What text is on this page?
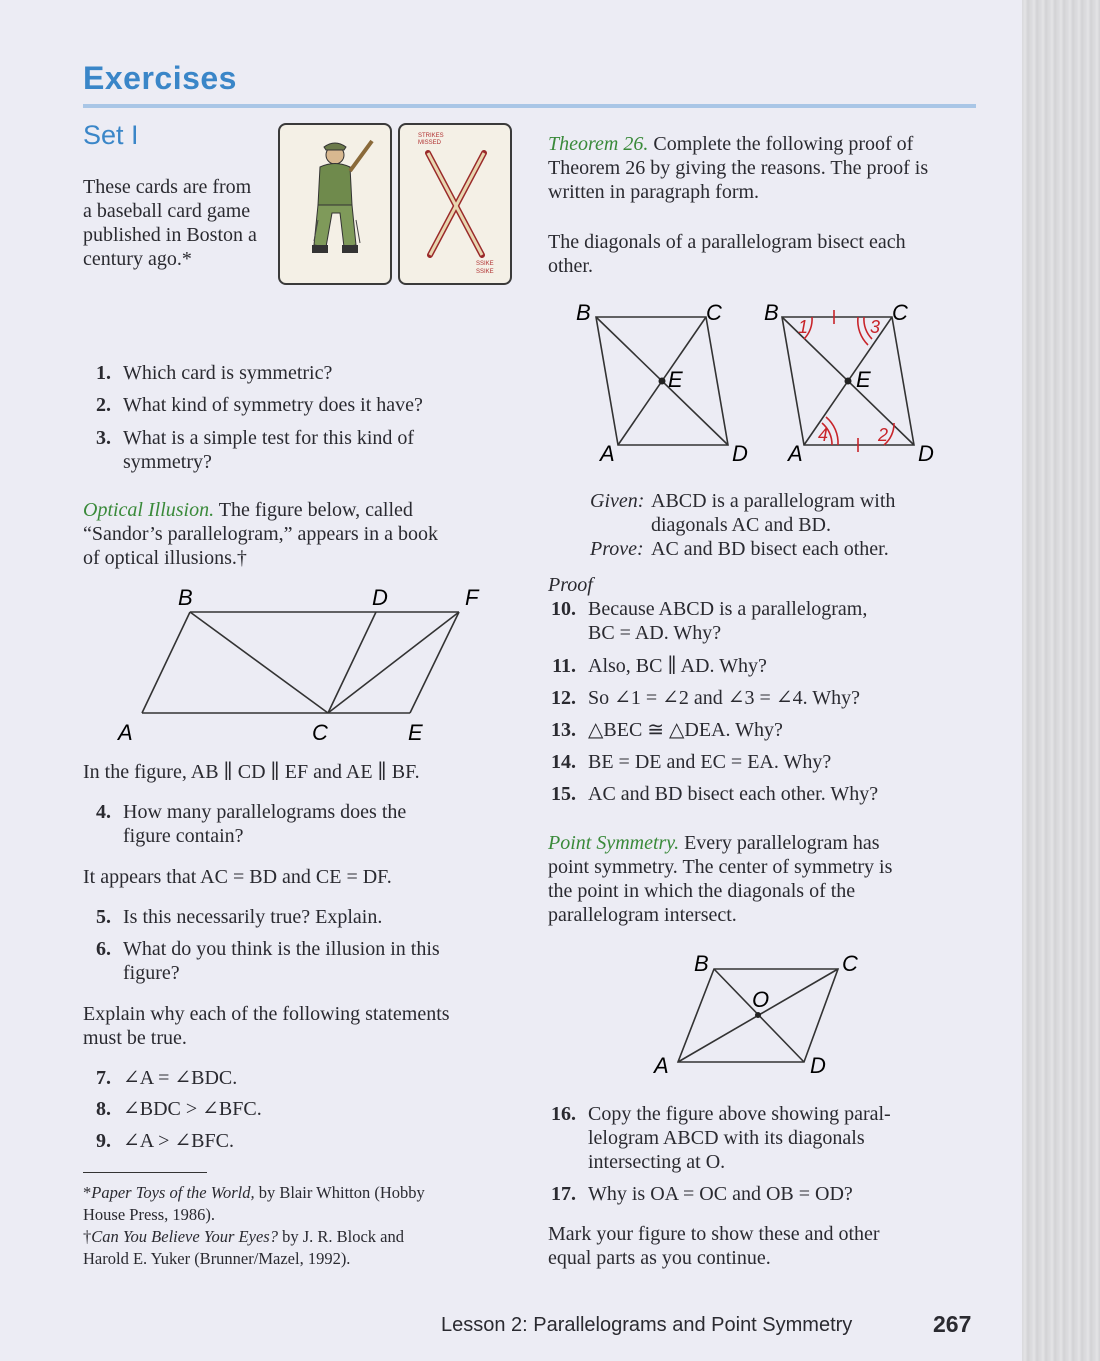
Exercises
Set I
These cards are from a baseball card game published in Boston a century ago.*
STRIKES
MISSED
SSIKE
SSIKE
1. Which card is symmetric?
2. What kind of symmetry does it have?
3. What is a simple test for this kind of
symmetry?
Optical Illusion. The figure below, called
“Sandor’s parallelogram,” appears in a book
of optical illusions.†
B	D	F
A	C	E
In the figure, AB ∥ CD ∥ EF and AE ∥ BF.
4. How many parallelograms does the
figure contain?
It appears that AC = BD and CE = DF.
5. Is this necessarily true? Explain.
6. What do you think is the illusion in this
figure?
Explain why each of the following statements
must be true.
7. ∠A = ∠BDC.
8. ∠BDC > ∠BFC.
9. ∠A > ∠BFC.
*Paper Toys of the World, by Blair Whitton (Hobby
House Press, 1986).
†Can You Believe Your Eyes? by J. R. Block and
Harold E. Yuker (Brunner/Mazel, 1992).
Theorem 26. Complete the following proof of
Theorem 26 by giving the reasons. The proof is
written in paragraph form.
The diagonals of a parallelogram bisect each
other.
B	C
E
A	D
1	3
2
4
B	C
E
A	D
Given: ABCD is a parallelogram with
diagonals AC and BD.
Prove: AC and BD bisect each other.
Proof
10. Because ABCD is a parallelogram,
BC = AD. Why?
11. Also, BC ∥ AD. Why?
12. So ∠1 = ∠2 and ∠3 = ∠4. Why?
13. △BEC ≅ △DEA. Why?
14. BE = DE and EC = EA. Why?
15. AC and BD bisect each other. Why?
Point Symmetry. Every parallelogram has
point symmetry. The center of symmetry is
the point in which the diagonals of the
parallelogram intersect.
B	C
O
A	D
16. Copy the figure above showing paral-
lelogram ABCD with its diagonals
intersecting at O.
17. Why is OA = OC and OB = OD?
Mark your figure to show these and other
equal parts as you continue.
Lesson 2: Parallelograms and Point Symmetry	267
